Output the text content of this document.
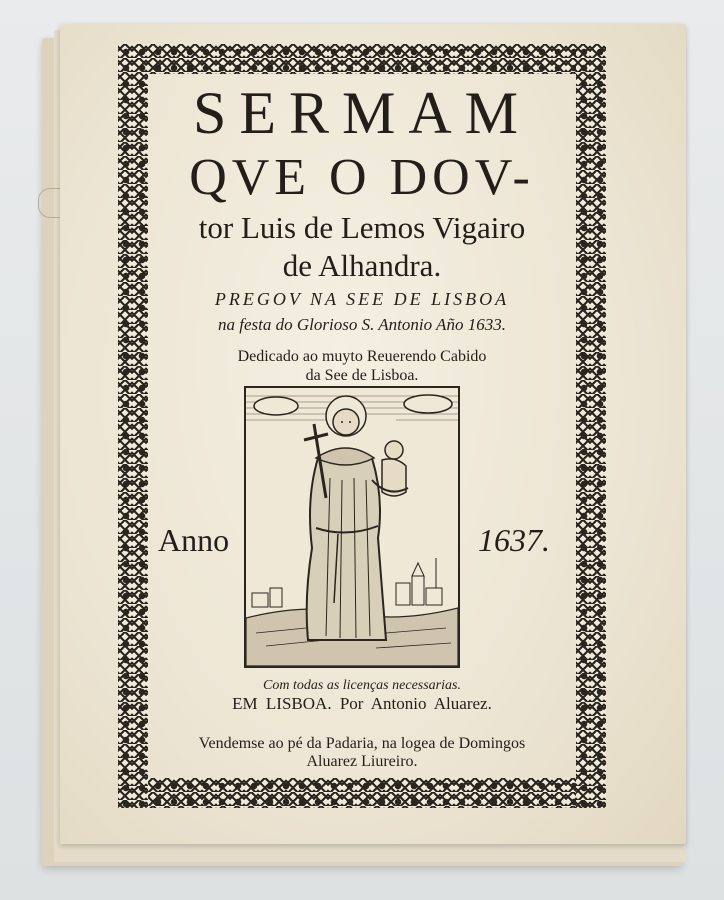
SERMAM
QVE O DOV-
tor Luis de Lemos Vigairo
de Alhandra.
PREGOV NA SEE DE LISBOA
na festa do Glorioso S. Antonio Año 1633.
Dedicado ao muyto Reuerendo Cabido
da See de Lisboa.
Anno	1637.
Com todas as licenças necessarias.
EM LISBOA. Por Antonio Aluarez.
Vendemse ao pé da Padaria, na logea de Domingos
Aluarez Liureiro.
